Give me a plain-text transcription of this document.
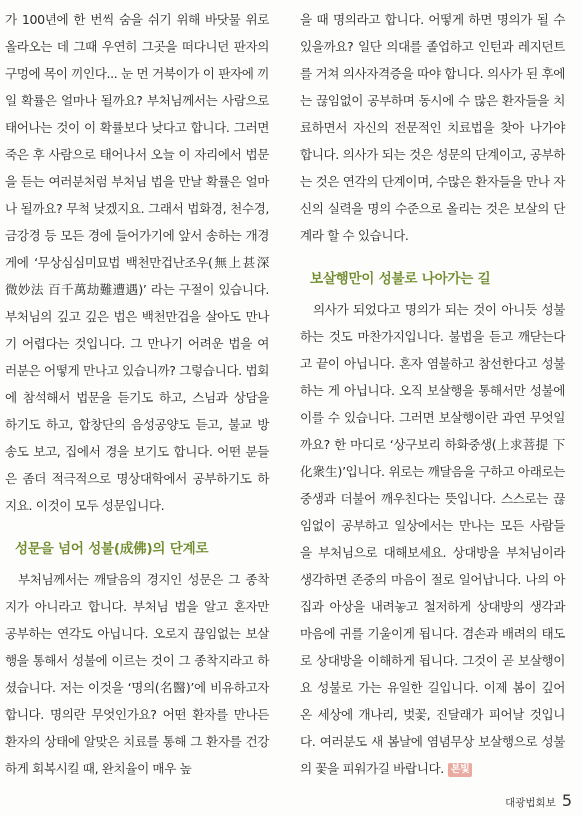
가 100년에 한 번씩 숨을 쉬기 위해 바닷물 위로 올라오는 데 그때 우연히 그곳을 떠다니던 판자의 구멍에 목이 끼인다... 눈 먼 거북이가 이 판자에 끼일 확률은 얼마나 될까요? 부처님께서는 사람으로 태어나는 것이 이 확률보다 낮다고 합니다. 그러면 죽은 후 사람으로 태어나서 오늘 이 자리에서 법문을 듣는 여러분처럼 부처님 법을 만날 확률은 얼마나 될까요? 무척 낮겠지요. 그래서 법화경, 천수경, 금강경 등 모든 경에 들어가기에 앞서 송하는 개경게에 ‘무상심심미묘법 백천만겁난조우(無上甚深微妙法 百千萬劫難遭遇)’ 라는 구절이 있습니다. 부처님의 깊고 깊은 법은 백천만겁을 살아도 만나기 어렵다는 것입니다. 그 만나기 어려운 법을 여러분은 어떻게 만나고 있습니까? 그렇습니다. 법회에 참석해서 법문을 듣기도 하고, 스님과 상담을 하기도 하고, 합창단의 음성공양도 듣고, 불교 방송도 보고, 집에서 경을 보기도 합니다. 어떤 분들은 좀더 적극적으로 명상대학에서 공부하기도 하지요. 이것이 모두 성문입니다.

성문을 넘어 성불(成佛)의 단계로

부처님께서는 깨달음의 경지인 성문은 그 종착지가 아니라고 합니다. 부처님 법을 알고 혼자만 공부하는 연각도 아닙니다. 오로지 끊임없는 보살행을 통해서 성불에 이르는 것이 그 종착지라고 하셨습니다. 저는 이것을 ‘명의(名醫)’에 비유하고자 합니다. 명의란 무엇인가요? 어떤 환자를 만나든 환자의 상태에 알맞은 치료를 통해 그 환자를 건강하게 회복시킬 때, 완치율이 매우 높

을 때 명의라고 합니다. 어떻게 하면 명의가 될 수 있을까요? 일단 의대를 졸업하고 인턴과 레지던트를 거쳐 의사자격증을 따야 합니다. 의사가 된 후에는 끊임없이 공부하며 동시에 수 많은 환자들을 치료하면서 자신의 전문적인 치료법을 찾아 나가야 합니다. 의사가 되는 것은 성문의 단계이고, 공부하는 것은 연각의 단계이며, 수많은 환자들을 만나 자신의 실력을 명의 수준으로 올리는 것은 보살의 단계라 할 수 있습니다.

보살행만이 성불로 나아가는 길

의사가 되었다고 명의가 되는 것이 아니듯 성불하는 것도 마찬가지입니다. 불법을 듣고 깨닫는다고 끝이 아닙니다. 혼자 염불하고 참선한다고 성불하는 게 아닙니다. 오직 보살행을 통해서만 성불에 이를 수 있습니다. 그러면 보살행이란 과연 무엇일까요? 한 마디로 ‘상구보리 하화중생(上求菩提 下化衆生)’입니다. 위로는 깨달음을 구하고 아래로는 중생과 더불어 깨우친다는 뜻입니다. 스스로는 끊임없이 공부하고 일상에서는 만나는 모든 사람들을 부처님으로 대해보세요. 상대방을 부처님이라 생각하면 존중의 마음이 절로 일어납니다. 나의 아집과 아상을 내려놓고 철저하게 상대방의 생각과 마음에 귀를 기울이게 됩니다. 겸손과 배려의 태도로 상대방을 이해하게 됩니다. 그것이 곧 보살행이요 성불로 가는 유일한 길입니다. 이제 봄이 깊어 온 세상에 개나리, 벚꽃, 진달래가 피어날 것입니다. 여러분도 새 봄날에 염념무상 보살행으로 성불의 꽃을 피워가길 바랍니다. 본빛

대광법회보 5
